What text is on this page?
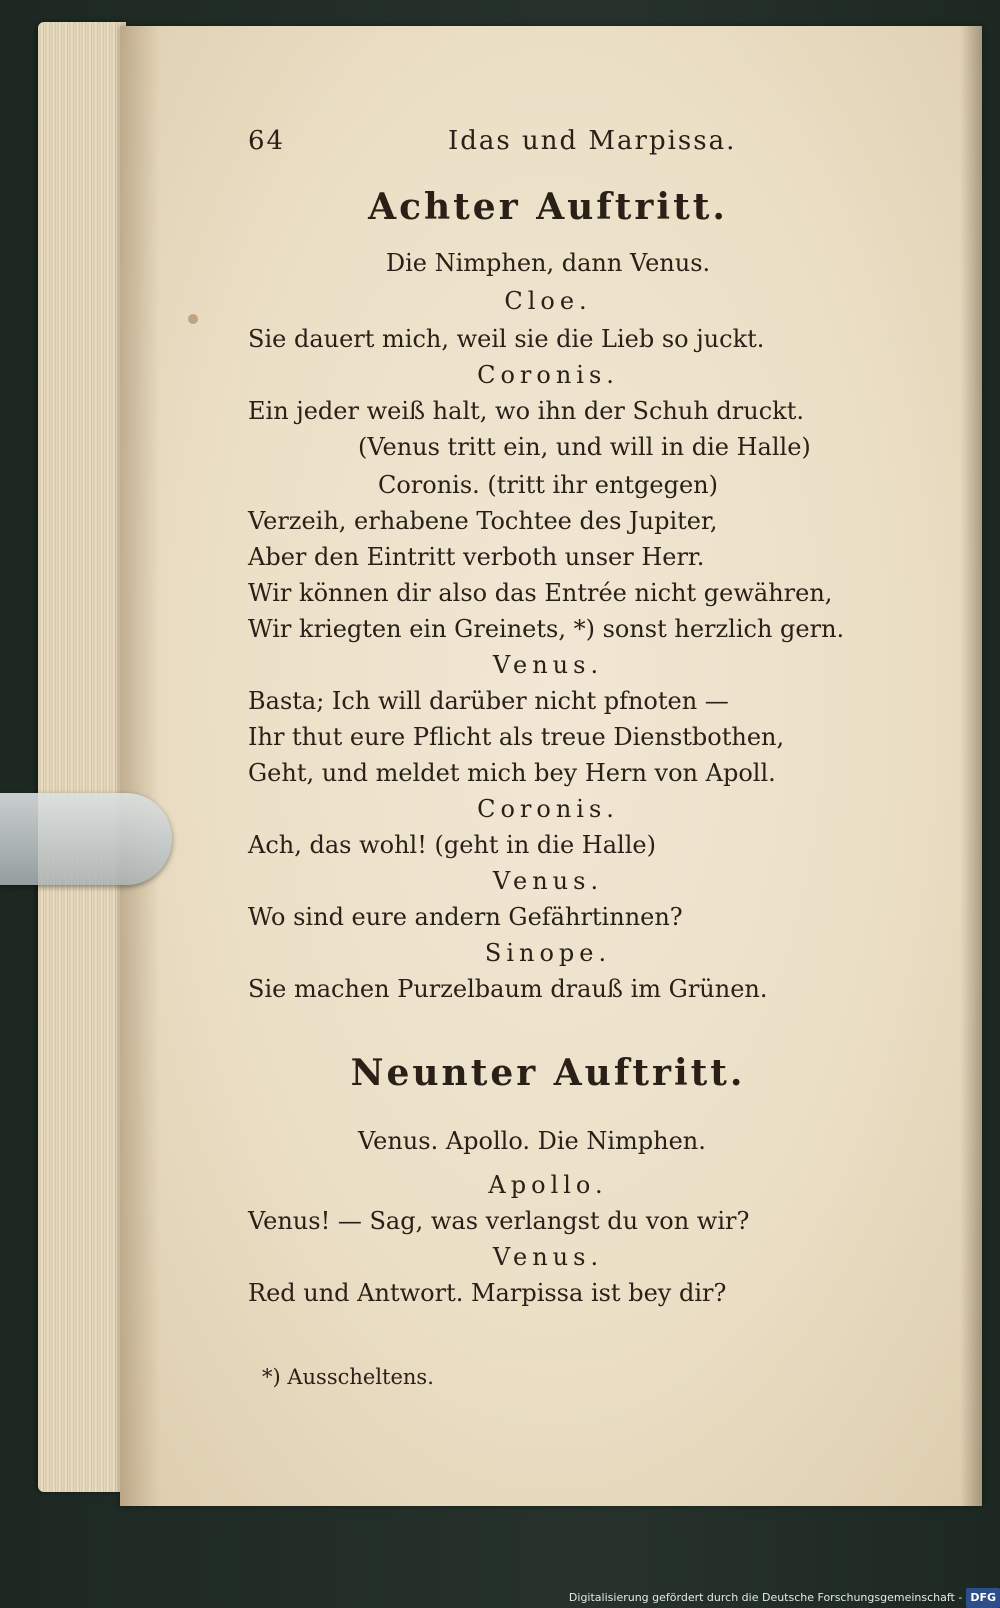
64	Idas und Marpissa.
Achter Auftritt.
Die Nimphen, dann Venus.
Cloe.
Sie dauert mich, weil sie die Lieb so juckt.
Coronis.
Ein jeder weiß halt, wo ihn der Schuh druckt.
(Venus tritt ein, und will in die Halle)
Coronis. (tritt ihr entgegen)
Verzeih, erhabene Tochtee des Jupiter,
Aber den Eintritt verboth unser Herr.
Wir können dir also das Entrée nicht gewähren,
Wir kriegten ein Greinets, *) sonst herzlich gern.
Venus.
Basta; Ich will darüber nicht pfnoten —
Ihr thut eure Pflicht als treue Dienstbothen,
Geht, und meldet mich bey Hern von Apoll.
Coronis.
Ach, das wohl! (geht in die Halle)
Venus.
Wo sind eure andern Gefährtinnen?
Sinope.
Sie machen Purzelbaum drauß im Grünen.
Neunter Auftritt.
Venus. Apollo. Die Nimphen.
Apollo.
Venus! — Sag, was verlangst du von wir?
Venus.
Red und Antwort. Marpissa ist bey dir?
*) Ausscheltens.
Digitalisierung gefördert durch die Deutsche Forschungsgemeinschaft - DFG
